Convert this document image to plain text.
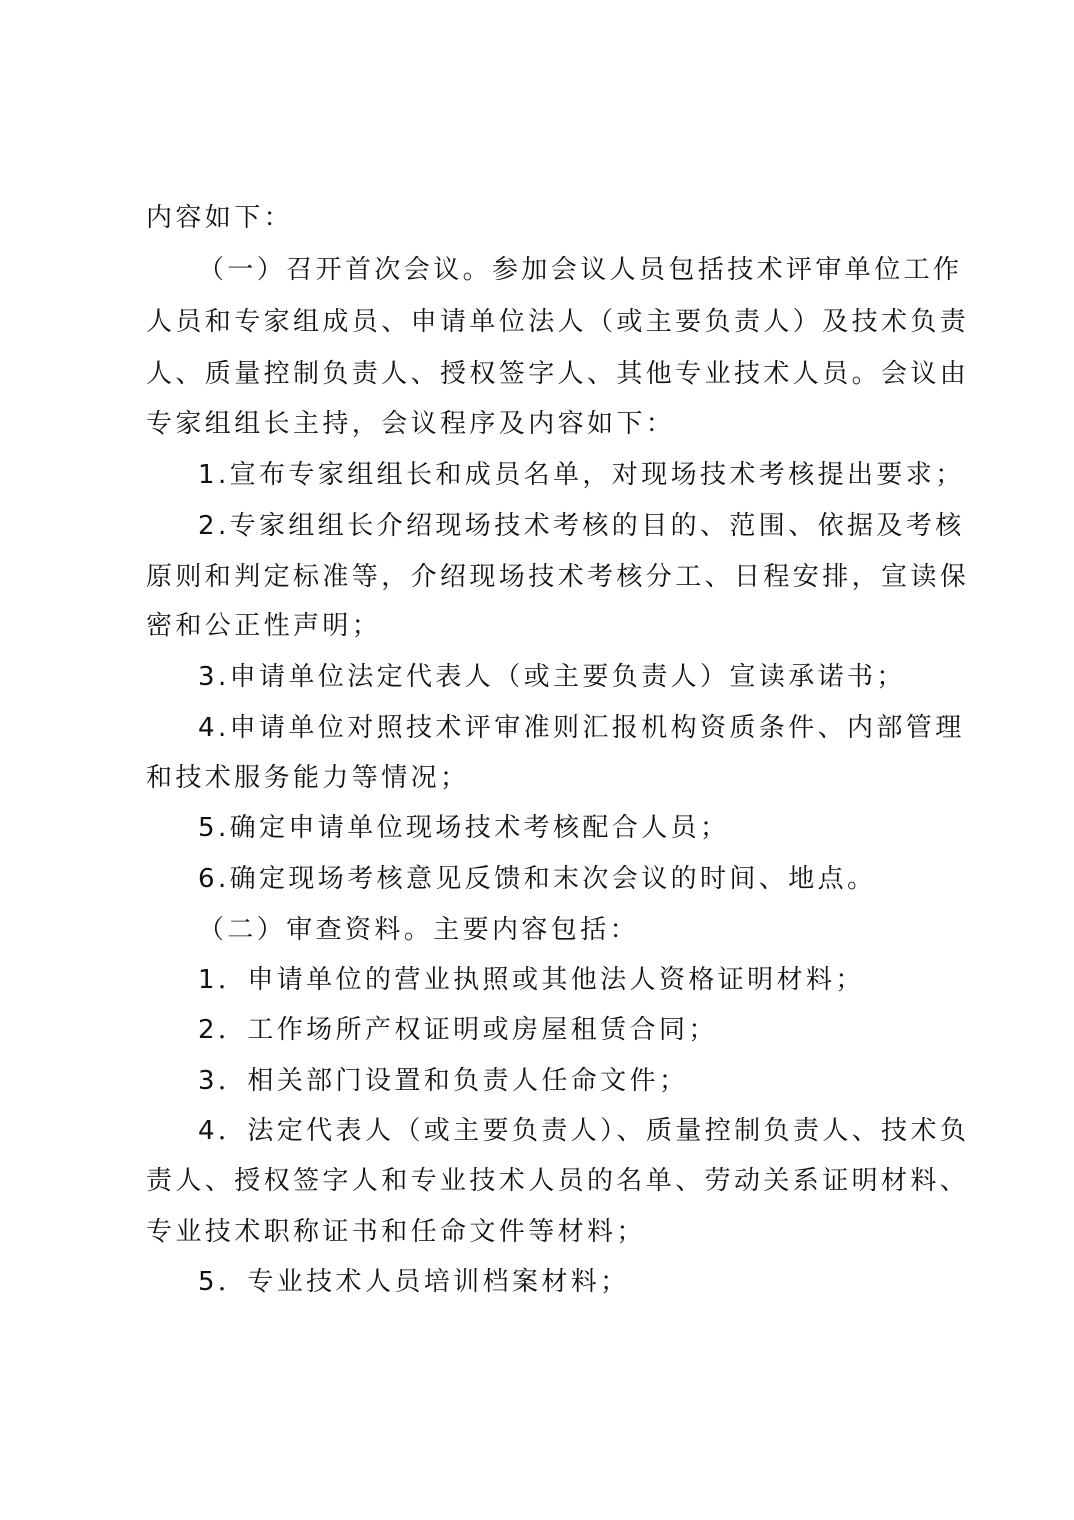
内容如下：
（一）召开首次会议。参加会议人员包括技术评审单位工作
人员和专家组成员、申请单位法人（或主要负责人）及技术负责
人、质量控制负责人、授权签字人、其他专业技术人员。会议由
专家组组长主持，会议程序及内容如下：
1.宣布专家组组长和成员名单，对现场技术考核提出要求；
2.专家组组长介绍现场技术考核的目的、范围、依据及考核
原则和判定标准等，介绍现场技术考核分工、日程安排，宣读保
密和公正性声明；
3.申请单位法定代表人（或主要负责人）宣读承诺书；
4.申请单位对照技术评审准则汇报机构资质条件、内部管理
和技术服务能力等情况；
5.确定申请单位现场技术考核配合人员；
6.确定现场考核意见反馈和末次会议的时间、地点。
（二）审查资料。主要内容包括：
1．申请单位的营业执照或其他法人资格证明材料；
2．工作场所产权证明或房屋租赁合同；
3．相关部门设置和负责人任命文件；
4．法定代表人（或主要负责人）、质量控制负责人、技术负
责人、授权签字人和专业技术人员的名单、劳动关系证明材料、
专业技术职称证书和任命文件等材料；
5．专业技术人员培训档案材料；
